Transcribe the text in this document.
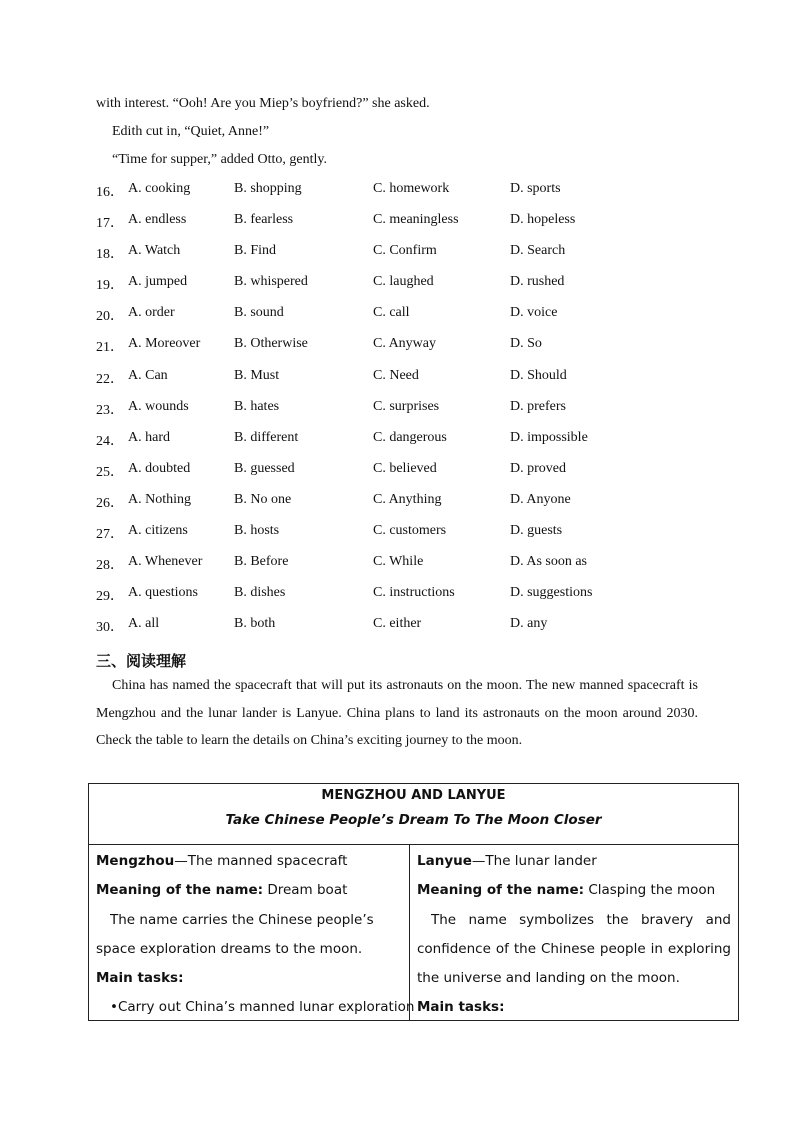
with interest. “Ooh! Are you Miep’s boyfriend?” she asked.
Edith cut in, “Quiet, Anne!”
“Time for supper,” added Otto, gently.
16． A. cooking	B. shopping	C. homework	D. sports
17． A. endless	B. fearless	C. meaningless	D. hopeless
18． A. Watch	B. Find	C. Confirm	D. Search
19． A. jumped	B. whispered	C. laughed	D. rushed
20． A. order	B. sound	C. call	D. voice
21． A. Moreover B. Otherwise	C. Anyway	D. So
22． A. Can	B. Must	C. Need	D. Should
23． A. wounds	B. hates	C. surprises	D. prefers
24． A. hard	B. different	C. dangerous	D. impossible
25． A. doubted	B. guessed	C. believed	D. proved
26． A. Nothing	B. No one	C. Anything	D. Anyone
27． A. citizens	B. hosts	C. customers	D. guests
28． A. Whenever B. Before	C. While	D. As soon as
29． A. questions	B. dishes	C. instructions	D. suggestions
30． A. all	B. both	C. either	D. any
三、阅读理解
China has named the spacecraft that will put its astronauts on the moon. The new manned spacecraft is Mengzhou and the lunar lander is Lanyue. China plans to land its astronauts on the moon around 2030. Check the table to learn the details on China’s exciting journey to the moon.
MENGZHOU AND LANYUE
Take Chinese People’s Dream To The Moon Closer
Mengzhou—The manned spacecraft
Meaning of the name: Dream boat
The name carries the Chinese people’s space exploration dreams to the moon.
Main tasks:
•Carry out China’s manned lunar exploration
Lanyue—The lunar lander
Meaning of the name: Clasping the moon
The name symbolizes the bravery and confidence of the Chinese people in exploring the universe and landing on the moon.
Main tasks:
